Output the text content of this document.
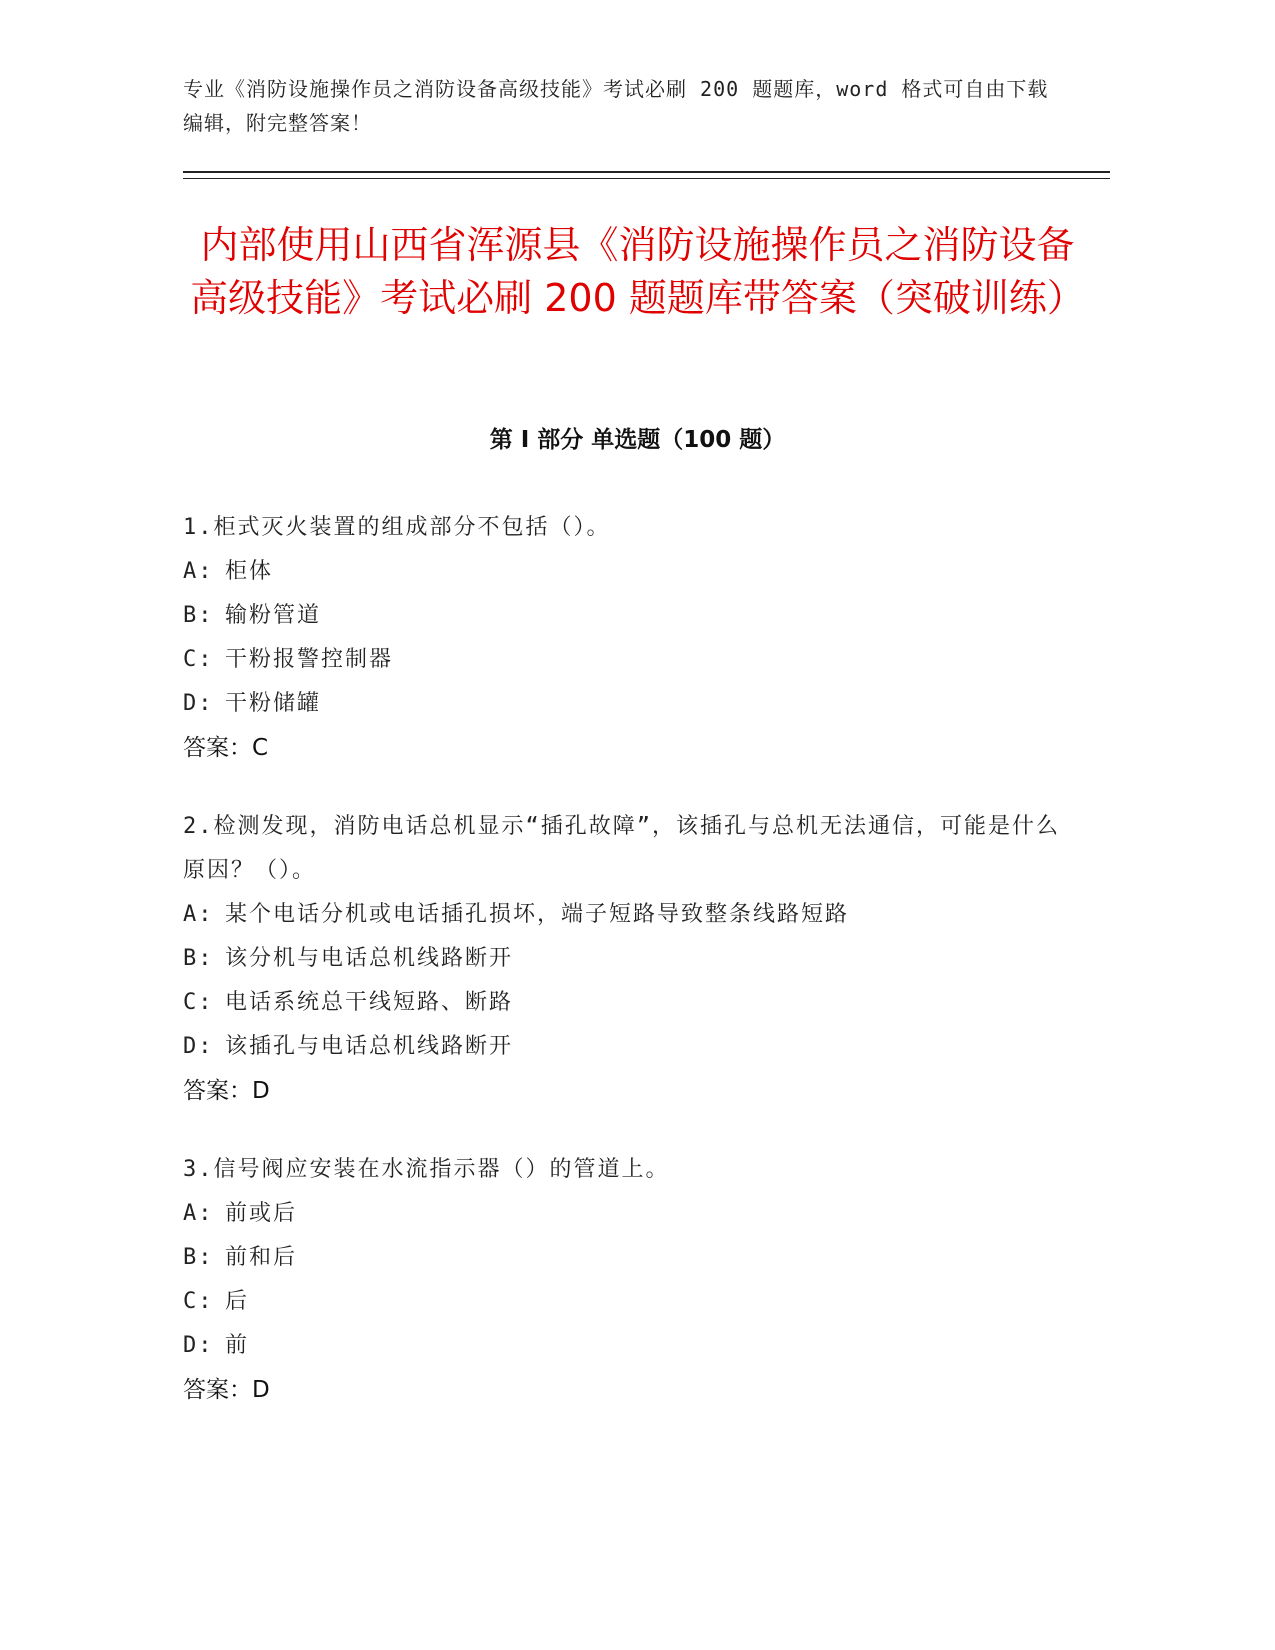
专业《消防设施操作员之消防设备高级技能》考试必刷 200 题题库，word 格式可自由下载编辑，附完整答案！
内部使用山西省浑源县《消防设施操作员之消防设备高级技能》考试必刷 200 题题库带答案（突破训练）
第 I 部分 单选题（100 题）
1.柜式灭火装置的组成部分不包括（）。
A: 柜体
B: 输粉管道
C: 干粉报警控制器
D: 干粉储罐
答案：C
2.检测发现，消防电话总机显示“插孔故障”，该插孔与总机无法通信，可能是什么原因？（）。
A: 某个电话分机或电话插孔损坏，端子短路导致整条线路短路
B: 该分机与电话总机线路断开
C: 电话系统总干线短路、断路
D: 该插孔与电话总机线路断开
答案：D
3.信号阀应安装在水流指示器（）的管道上。
A: 前或后
B: 前和后
C: 后
D: 前
答案：D
